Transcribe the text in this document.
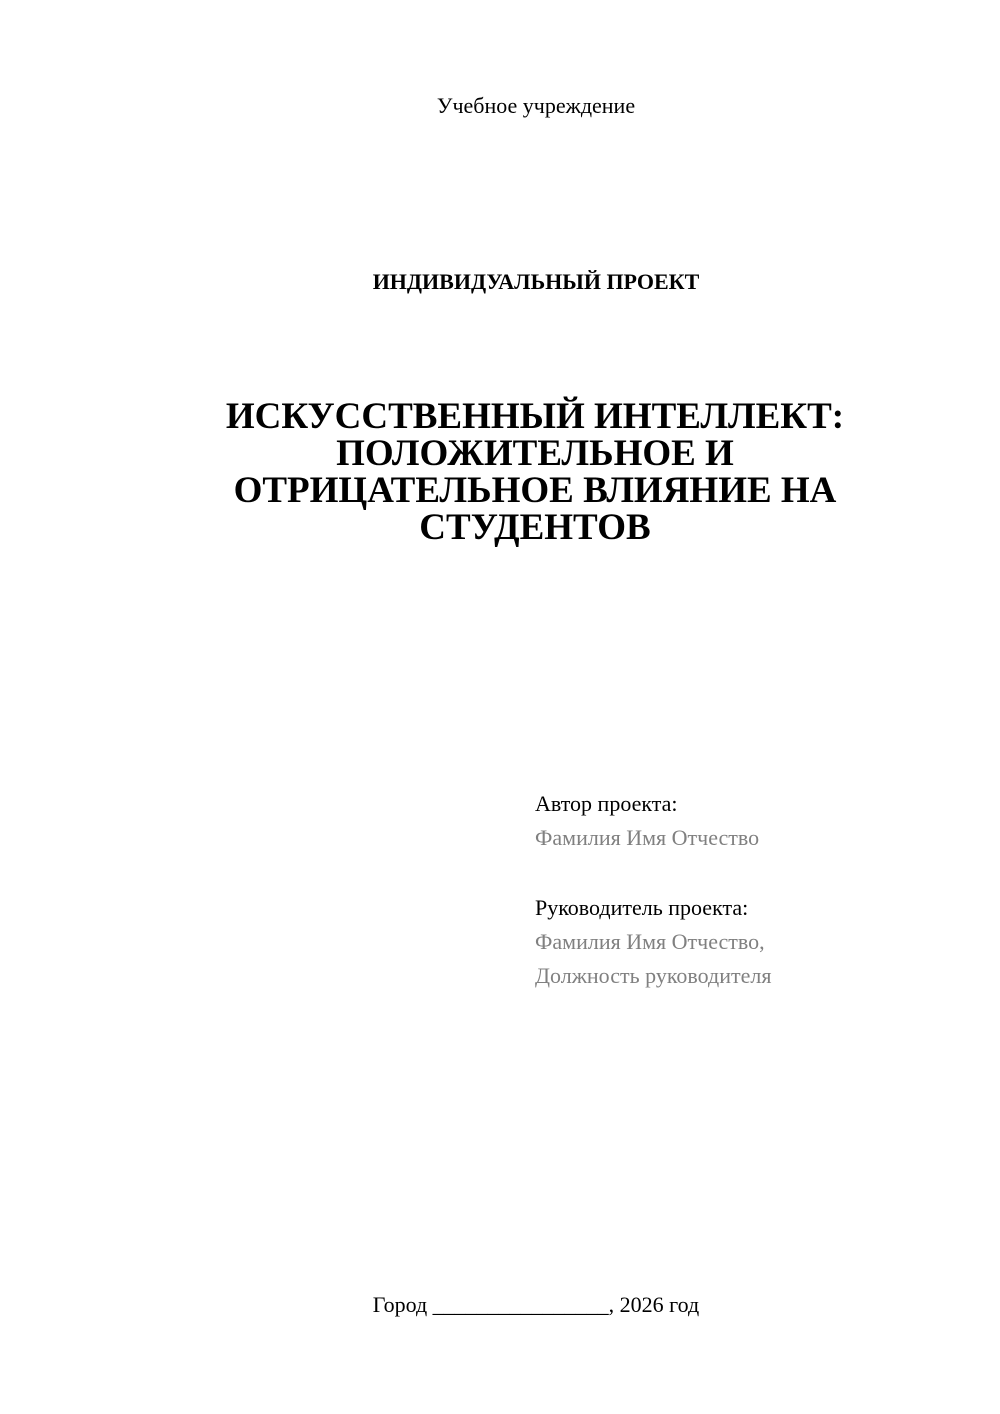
Учебное учреждение
ИНДИВИДУАЛЬНЫЙ ПРОЕКТ
ИСКУССТВЕННЫЙ ИНТЕЛЛЕКТ:
ПОЛОЖИТЕЛЬНОЕ И
ОТРИЦАТЕЛЬНОЕ ВЛИЯНИЕ НА
СТУДЕНТОВ
Автор проекта:
Фамилия Имя Отчество
Руководитель проекта:
Фамилия Имя Отчество,
Должность руководителя
Город ________________, 2026 год
